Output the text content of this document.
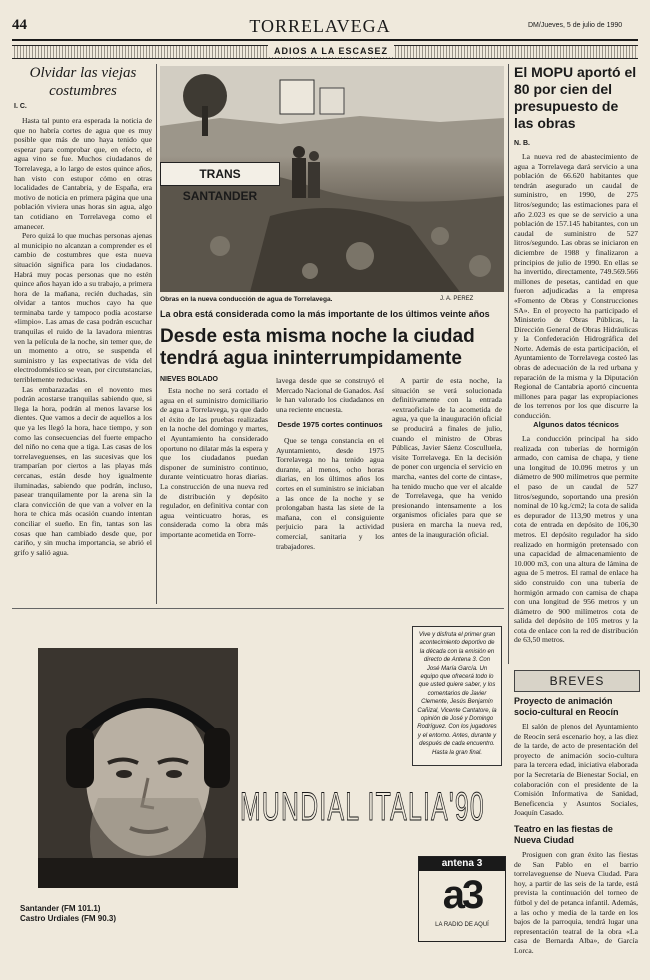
44	TORRELAVEGA	DM/Jueves, 5 de julio de 1990
ADIOS A LA ESCASEZ
Olvidar las viejas costumbres
I. C.

Hasta tal punto era esperada la noticia de que no habría cortes de agua que es muy posible que más de uno haya tenido que esperar para comprobar que, en efecto, el agua vino se fue. Muchos ciudadanos de Torrelavega, a lo largo de estos quince años, han visto con estupor cómo en otras localidades de Cantabria, y de España, era motivo de noticia en primera página que una población viviera unas horas sin agua, algo tan cotidiano en Torrelavega como el amanecer.

Pero quizá lo que muchas personas ajenas al municipio no alcanzan a comprender es el cambio de costumbres que esta nueva situación significa para los ciudadanos. Habrá muy pocas personas que no estén quince años hayan ido a su trabajo, a primera hora de la mañana, recién duchadas, sin olvidar a tantos muchos cayo ha que terminaba tarde y tampoco podía acostarse «limpio». Las amas de casa podrán escuchar tranquilas el ruido de la lavadora mientras ven la película de la noche, sin temer que, de un momento a otro, se suspenda el suministro y las expectativas de vida del electrodoméstico se vean, por circunstancias, terriblemente reducidas.

Las embarazadas en el novento mes podrán acostarse tranquilas sabiendo que, si llega la hora, podrán al menos lavarse los dientes. Que vamos a decir de aquellos a los que ya les llegó la hora, hace tiempo, y son como las consecuencias del fuerte empacho del niño no cena que a tiga. Las casas de los torrelaveguenses, en las sucesivas que los tramparían por ciertos a las playas más cercanas, están desde hoy igualmente iluminadas, sabiendo que podrán, incluso, pasear tranquilamente por la arena sin la clara convicción de que van a volver en la hora te chica más ocasión cuando intentan conciliar el sueño. En fin, tantas son las cosas que han cambiado desde que, por cariño, y sin mucha importancia, se abrió el grifo y salió agua.

TRANS SANTANDER
Obras en la nueva conducción de agua de Torrelavega.	J. A. PEREZ
La obra está considerada como la más importante de los últimos veinte años
Desde esta misma noche la ciudad tendrá agua ininterrumpidamente
NIEVES BOLADO

Esta noche no será cortado el agua en el suministro domiciliario de agua a Torrelavega, ya que dado el éxito de las pruebas realizadas en la noche del domingo y martes, el Ayuntamiento ha considerado oportuno no dilatar más la espera y que los ciudadanos puedan disponer de suministro continuo, durante veinticuatro horas diarias. La construcción de una nueva red de distribución y depósito regulador, en definitiva contar con agua veinticuatro horas, es considerada como la obra más importante acometida en Torre-

lavega desde que se construyó el Mercado Nacional de Ganados. Así le han valorado los ciudadanos en una reciente encuesta.

Desde 1975 cortes continuos

Que se tenga constancia en el Ayuntamiento, desde 1975 Torrelavega no ha tenido agua durante, al menos, ocho horas diarias, en los últimos años los cortes en el suministro se iniciaban a las once de la noche y se prolongaban hasta las siete de la mañana, con el consiguiente perjuicio para la actividad comercial, sanitaria y los trabajadores.

A partir de esta noche, la situación se verá solucionada definitivamente con la entrada «extraoficial» de la acometida de agua, ya que la inauguración oficial se producirá a finales de julio, cuando el ministro de Obras Públicas, Javier Sáenz Cosculluela, visite Torrelavega. En la decisión de poner con urgencia el servicio en marcha, «antes del corte de cintas», ha tenido mucho que ver el alcalde de Torrelavega, que ha venido presionando intensamente a los organismos oficiales para que se pusiera en marcha la nueva red, antes de la inauguración oficial.

El MOPU aportó el 80 por cien del presupuesto de las obras
N. B.

La nueva red de abastecimiento de agua a Torrelavega dará servicio a una población de 66.620 habitantes que tendrán asegurado un caudal de suministro, en 1990, de 275 litros/segundo; las estimaciones para el año 2.023 es que se de servicio a una población de 157.145 habitantes, con un caudal de suministro de 527 litros/segundo. Las obras se iniciaron en diciembre de 1988 y finalizaron a principios de julio de 1990. En ellas se ha invertido, directamente, 749.569.566 millones de pesetas, cantidad en que fueron adjudicadas a la empresa «Fomento de Obras y Construcciones SA». En el proyecto ha participado el Ministerio de Obras Públicas, la Dirección General de Obras Hidráulicas y la Confederación Hidrográfica del Norte. Además de esta participación, el Ayuntamiento de Torrelavega costeó las obras de adecuación de la red urbana y reparación de la misma y la Diputación Regional de Cantabria aportó cincuenta millones para pagar las expropiaciones de los terrenos por los que discurre la conducción.

Algunos datos técnicos

La conducción principal ha sido realizada con tuberías de hormigón armado, con camisa de chapa, y tiene una longitud de 10.096 metros y un diámetro de 900 milímetros que permite el paso de un caudal de 527 litros/segundo, soportando una presión nominal de 10 kg./cm2; la cota de salida es depurador de 113,90 metros y una cota de entrada en depósito de 106,30 metros. El depósito regulador ha sido realizado en hormigón pretensado con una capacidad de almacenamiento de 10.000 m3, con una altura de lámina de agua de 5 metros. El ramal de enlace ha sido construido con una tubería de hormigón armado con camisa de chapa con una longitud de 956 metros y un diámetro de 900 milímetros cota de salida del depósito de 105 metros y la cota de enlace con la red de distribución de 63,50 metros.

BREVES
Proyecto de animación socio-cultural en Reocín

El salón de plenos del Ayuntamiento de Reocín será escenario hoy, a las diez de la tarde, de acto de presentación del proyecto de animación socio-cultura para la tercera edad, iniciativa elaborada por la Secretaría de Bienestar Social, en colaboración con el presidente de la Comisión Informativa de Sanidad, Beneficencia y Asuntos Sociales, Joaquín Casado.

Teatro en las fiestas de Nueva Ciudad

Prosiguen con gran éxito las fiestas de San Pablo en el barrio torrelaveguense de Nueva Ciudad. Para hoy, a partir de las seis de la tarde, está prevista la continuación del torneo de fútbol y del de petanca infantil. Además, a las ocho y media de la tarde en los bajos de la parroquia, tendrá lugar una representación teatral de la obra «La casa de Bernarda Alba», de García Lorca.

Vive y disfruta el primer gran acontecimiento deportivo de la década con la emisión en directo de Antena 3. Con José María García. Un equipo que ofrecerá todo lo que usted quiere saber, y los comentarios de Javier Clemente, Jesús Benjamín Cañizal, Vicente Cantatore, la opinión de José y Domingo Rodríguez. Con los jugadores y el entorno. Antes, durante y después de cada encuentro. Hasta la gran final.
MUNDIAL ITALIA'90
antena 3
a3
LA RADIO DE AQUÍ
Santander (FM 101.1)
Castro Urdiales (FM 90.3)
